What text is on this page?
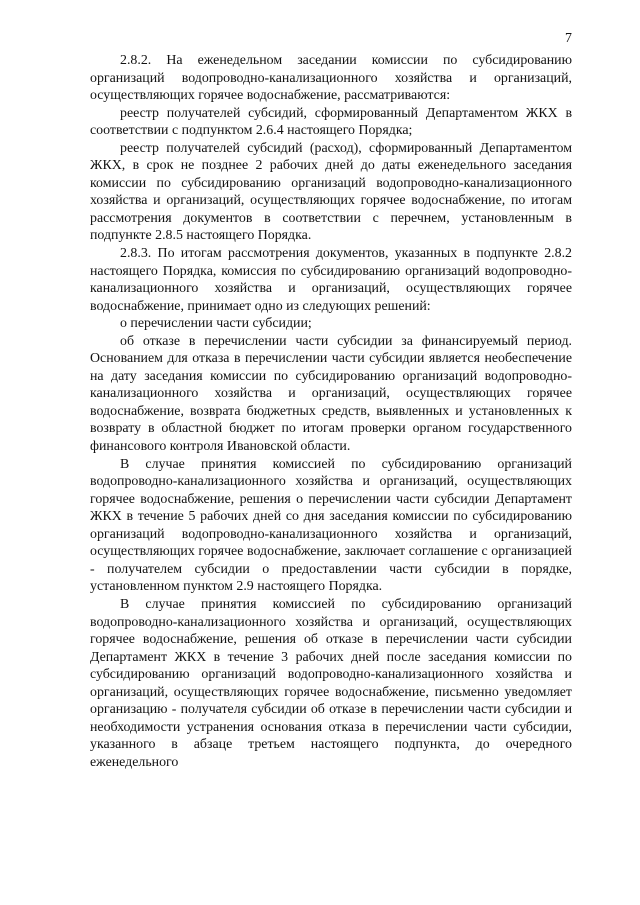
7

2.8.2. На еженедельном заседании комиссии по субсидированию организаций водопроводно-канализационного хозяйства и организаций, осуществляющих горячее водоснабжение, рассматриваются:

реестр получателей субсидий, сформированный Департаментом ЖКХ в соответствии с подпунктом 2.6.4 настоящего Порядка;

реестр получателей субсидий (расход), сформированный Департаментом ЖКХ, в срок не позднее 2 рабочих дней до даты еженедельного заседания комиссии по субсидированию организаций водопроводно-канализационного хозяйства и организаций, осуществляющих горячее водоснабжение, по итогам рассмотрения документов в соответствии с перечнем, установленным в подпункте 2.8.5 настоящего Порядка.

2.8.3. По итогам рассмотрения документов, указанных в подпункте 2.8.2 настоящего Порядка, комиссия по субсидированию организаций водопроводно-канализационного хозяйства и организаций, осуществляющих горячее водоснабжение, принимает одно из следующих решений:

о перечислении части субсидии;

об отказе в перечислении части субсидии за финансируемый период. Основанием для отказа в перечислении части субсидии является необеспечение на дату заседания комиссии по субсидированию организаций водопроводно-канализационного хозяйства и организаций, осуществляющих горячее водоснабжение, возврата бюджетных средств, выявленных и установленных к возврату в областной бюджет по итогам проверки органом государственного финансового контроля Ивановской области.

В случае принятия комиссией по субсидированию организаций водопроводно-канализационного хозяйства и организаций, осуществляющих горячее водоснабжение, решения о перечислении части субсидии Департамент ЖКХ в течение 5 рабочих дней со дня заседания комиссии по субсидированию организаций водопроводно-канализационного хозяйства и организаций, осуществляющих горячее водоснабжение, заключает соглашение с организацией - получателем субсидии о предоставлении части субсидии в порядке, установленном пунктом 2.9 настоящего Порядка.

В случае принятия комиссией по субсидированию организаций водопроводно-канализационного хозяйства и организаций, осуществляющих горячее водоснабжение, решения об отказе в перечислении части субсидии Департамент ЖКХ в течение 3 рабочих дней после заседания комиссии по субсидированию организаций водопроводно-канализационного хозяйства и организаций, осуществляющих горячее водоснабжение, письменно уведомляет организацию - получателя субсидии об отказе в перечислении части субсидии и необходимости устранения основания отказа в перечислении части субсидии, указанного в абзаце третьем настоящего подпункта, до очередного еженедельного
